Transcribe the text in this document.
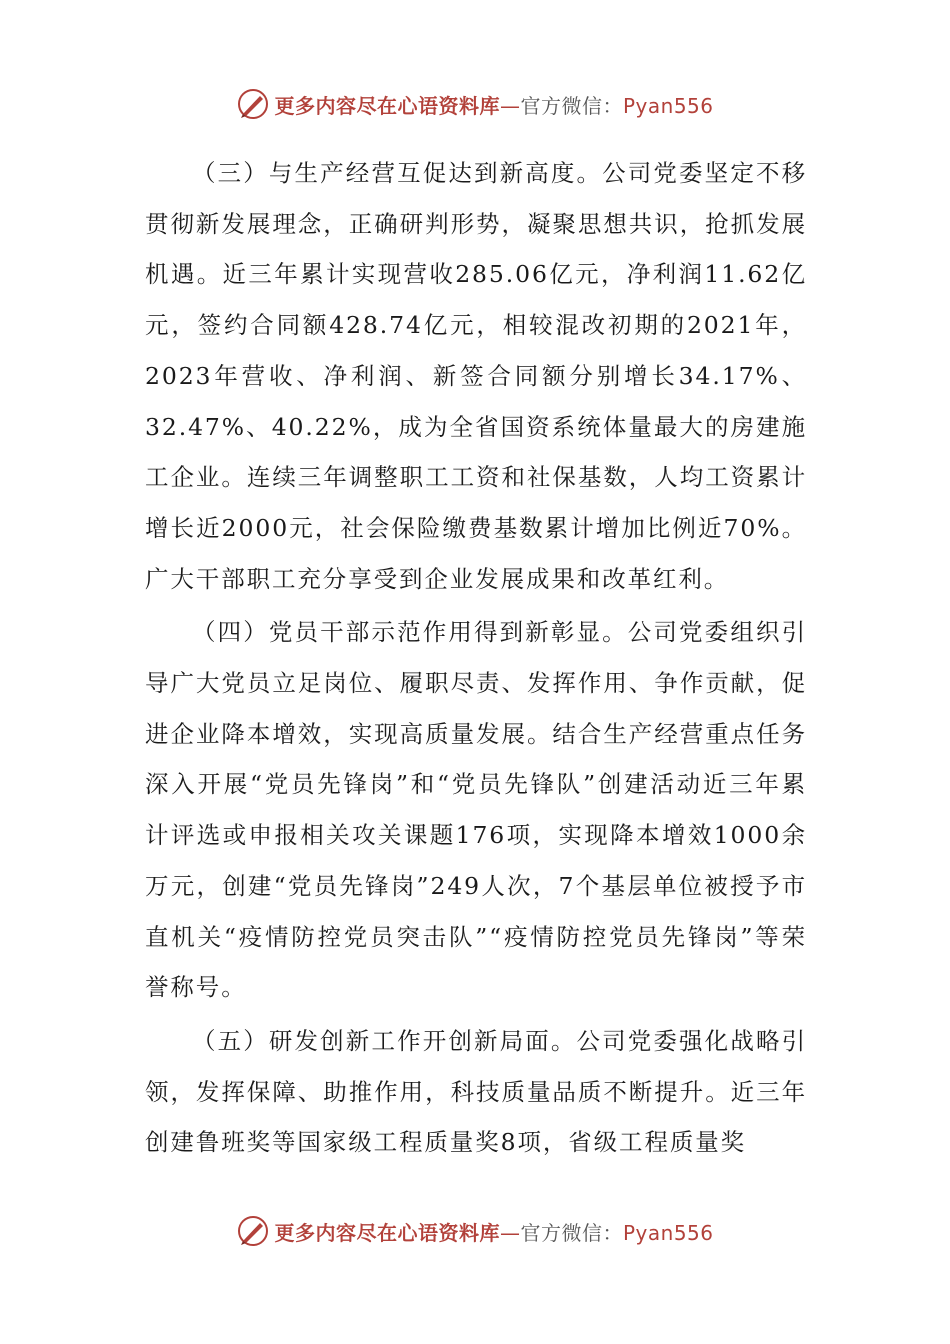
更多内容尽在心语资料库—官方微信：Pyan556

（三）与生产经营互促达到新高度。公司党委坚定不移贯彻新发展理念，正确研判形势，凝聚思想共识，抢抓发展机遇。近三年累计实现营收285.06亿元，净利润11.62亿元，签约合同额428.74亿元，相较混改初期的2021年，2023年营收、净利润、新签合同额分别增长34.17%、32.47%、40.22%，成为全省国资系统体量最大的房建施工企业。连续三年调整职工工资和社保基数，人均工资累计增长近2000元，社会保险缴费基数累计增加比例近70%。广大干部职工充分享受到企业发展成果和改革红利。

（四）党员干部示范作用得到新彰显。公司党委组织引导广大党员立足岗位、履职尽责、发挥作用、争作贡献，促进企业降本增效，实现高质量发展。结合生产经营重点任务深入开展“党员先锋岗”和“党员先锋队”创建活动近三年累计评选或申报相关攻关课题176项，实现降本增效1000余万元，创建“党员先锋岗”249人次，7个基层单位被授予市直机关“疫情防控党员突击队”“疫情防控党员先锋岗”等荣誉称号。

（五）研发创新工作开创新局面。公司党委强化战略引领，发挥保障、助推作用，科技质量品质不断提升。近三年创建鲁班奖等国家级工程质量奖8项，省级工程质量奖

更多内容尽在心语资料库—官方微信：Pyan556
